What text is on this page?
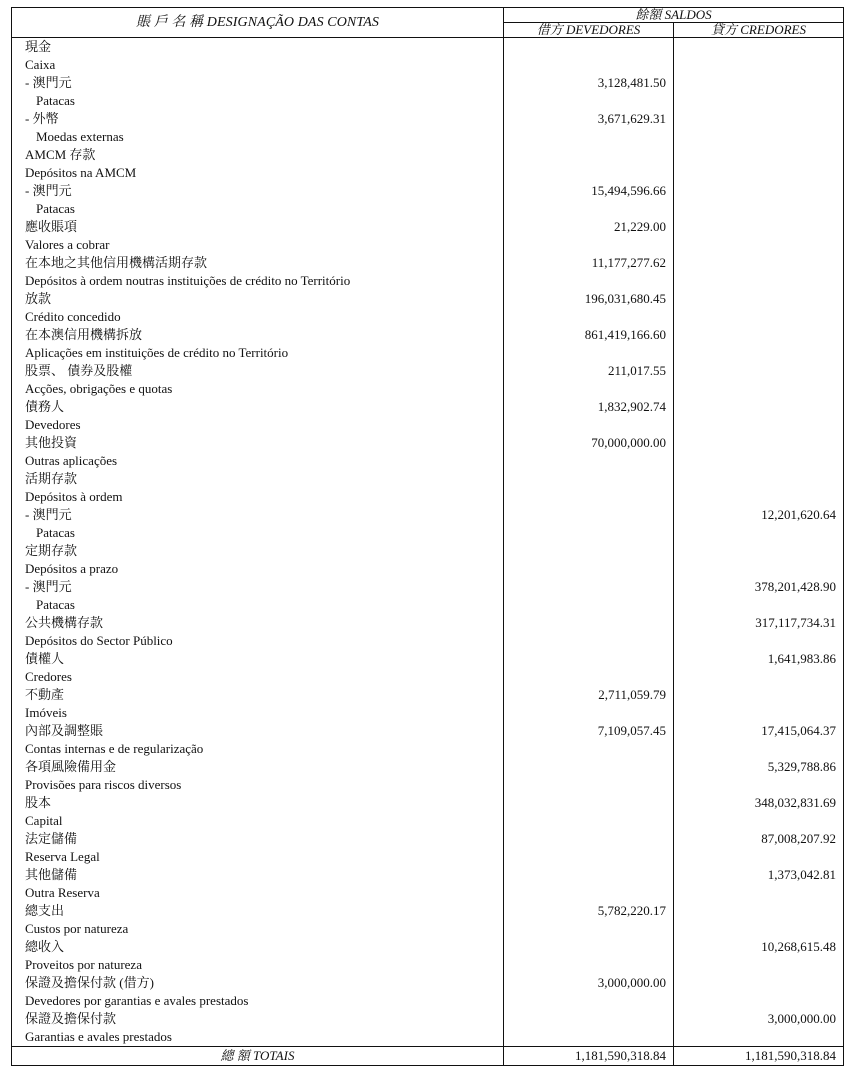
賬 戶 名 稱 DESIGNAÇÃO DAS CONTAS	餘額 SALDOS	
	借方 DEVEDORES	貸方 CREDORES
現金		
Caixa		
- 澳門元	3,128,481.50	
Patacas		
- 外幣	3,671,629.31	
Moedas externas		
AMCM 存款		
Depósitos na AMCM		
- 澳門元	15,494,596.66	
Patacas		
應收賬項	21,229.00	
Valores a cobrar		
在本地之其他信用機構活期存款	11,177,277.62	
Depósitos à ordem noutras instituições de crédito no Território		
放款	196,031,680.45	
Crédito concedido		
在本澳信用機構拆放	861,419,166.60	
Aplicações em instituições de crédito no Território		
股票、 債券及股權	211,017.55	
Acções, obrigações e quotas		
債務人	1,832,902.74	
Devedores		
其他投資	70,000,000.00	
Outras aplicações		
活期存款		
Depósitos à ordem		
- 澳門元		12,201,620.64
Patacas		
定期存款		
Depósitos a prazo		
- 澳門元		378,201,428.90
Patacas		
公共機構存款		317,117,734.31
Depósitos do Sector Público		
債權人		1,641,983.86
Credores		
不動產	2,711,059.79	
Imóveis		
內部及調整賬	7,109,057.45	17,415,064.37
Contas internas e de regularização		
各項風險備用金		5,329,788.86
Provisões para riscos diversos		
股本		348,032,831.69
Capital		
法定儲備		87,008,207.92
Reserva Legal		
其他儲備		1,373,042.81
Outra Reserva		
總支出	5,782,220.17	
Custos por natureza		
總收入		10,268,615.48
Proveitos por natureza		
保證及擔保付款 (借方)	3,000,000.00	
Devedores por garantias e avales prestados		
保證及擔保付款		3,000,000.00
Garantias e avales prestados		
總 額 TOTAIS	1,181,590,318.84	1,181,590,318.84
